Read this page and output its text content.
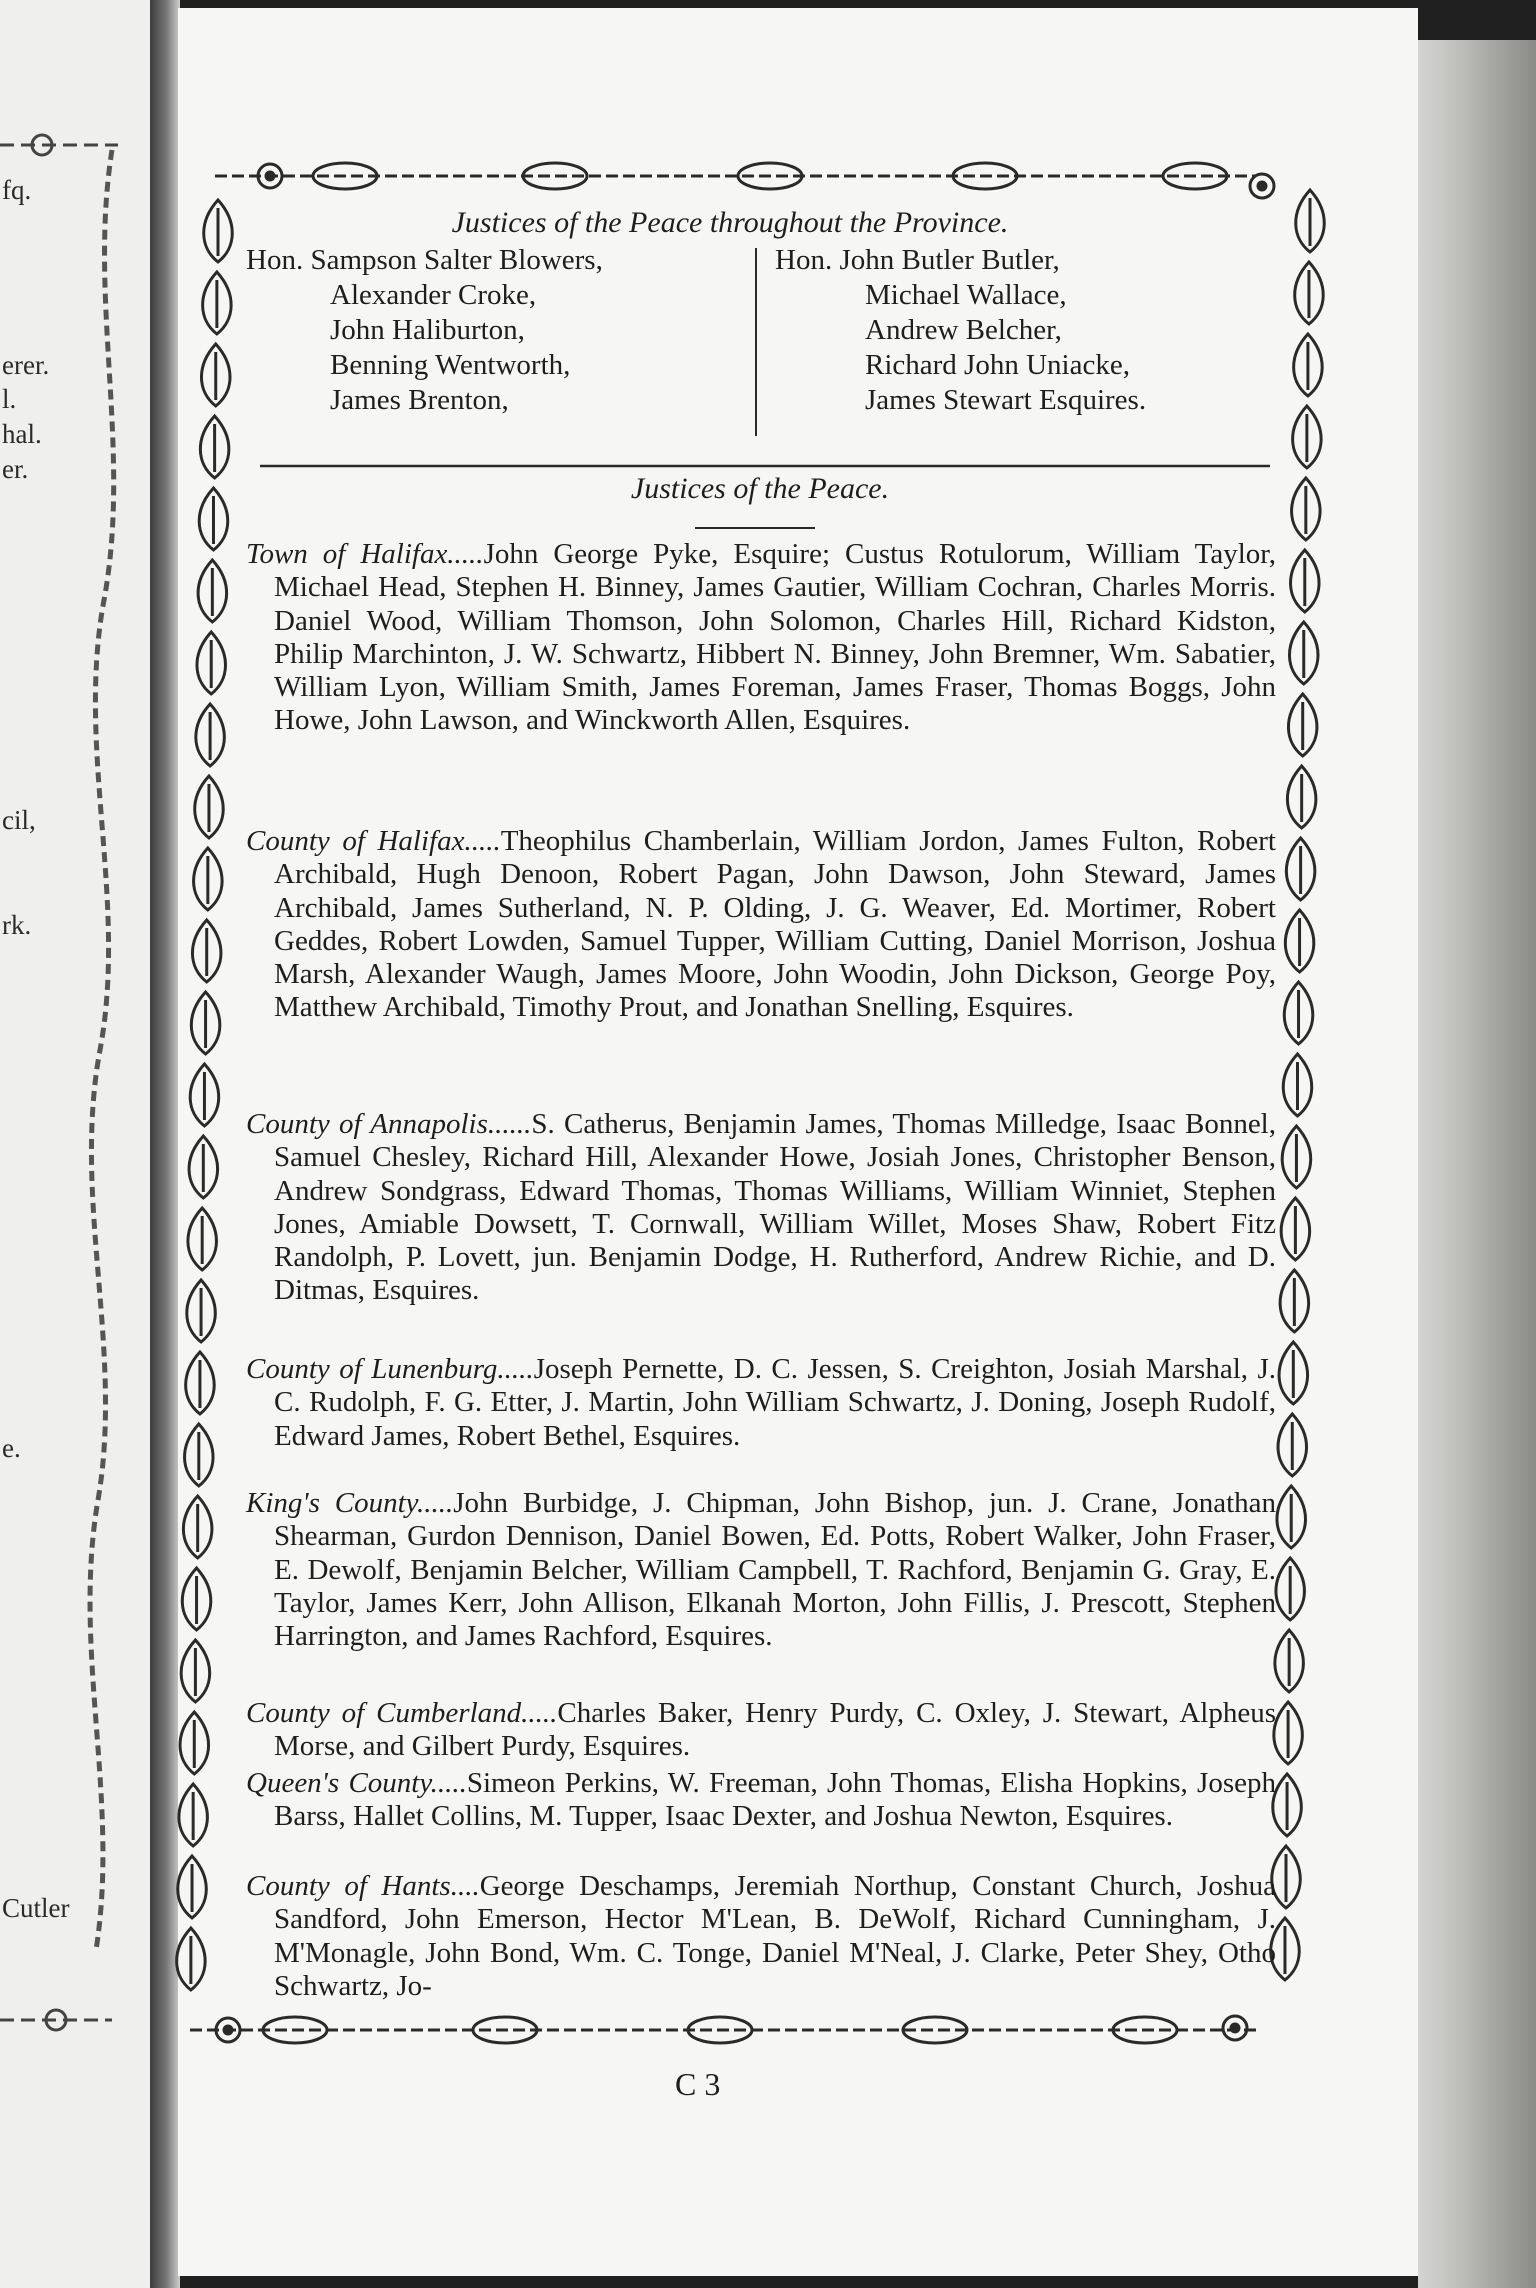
fq.
erer.
l.
hal.
er.
cil,
rk.
e.
Cutler
Justices of the Peace throughout the Province.
Hon. Sampson Salter Blowers,
Alexander Croke,
John Haliburton,
Benning Wentworth,
James Brenton,
Hon. John Butler Butler,
Michael Wallace,
Andrew Belcher,
Richard John Uniacke,
James Stewart Esquires.
Justices of the Peace.
Town of Halifax.....John George Pyke, Esquire; Custus Rotulorum, William Taylor, Michael Head, Stephen H. Binney, James Gautier, William Cochran, Charles Morris. Daniel Wood, William Thomson, John Solomon, Charles Hill, Richard Kidston, Philip Marchinton, J. W. Schwartz, Hibbert N. Binney, John Bremner, Wm. Sabatier, William Lyon, William Smith, James Foreman, James Fraser, Thomas Boggs, John Howe, John Lawson, and Winckworth Allen, Esquires.
County of Halifax.....Theophilus Chamberlain, William Jordon, James Fulton, Robert Archibald, Hugh Denoon, Robert Pagan, John Dawson, John Steward, James Archibald, James Sutherland, N. P. Olding, J. G. Weaver, Ed. Mortimer, Robert Geddes, Robert Lowden, Samuel Tupper, William Cutting, Daniel Morrison, Joshua Marsh, Alexander Waugh, James Moore, John Woodin, John Dickson, George Poy, Matthew Archibald, Timothy Prout, and Jonathan Snelling, Esquires.
County of Annapolis......S. Catherus, Benjamin James, Thomas Milledge, Isaac Bonnel, Samuel Chesley, Richard Hill, Alexander Howe, Josiah Jones, Christopher Benson, Andrew Sondgrass, Edward Thomas, Thomas Williams, William Winniet, Stephen Jones, Amiable Dowsett, T. Cornwall, William Willet, Moses Shaw, Robert Fitz Randolph, P. Lovett, jun. Benjamin Dodge, H. Rutherford, Andrew Richie, and D. Ditmas, Esquires.
County of Lunenburg.....Joseph Pernette, D. C. Jessen, S. Creighton, Josiah Marshal, J. C. Rudolph, F. G. Etter, J. Martin, John William Schwartz, J. Doning, Joseph Rudolf, Edward James, Robert Bethel, Esquires.
King's County.....John Burbidge, J. Chipman, John Bishop, jun. J. Crane, Jonathan Shearman, Gurdon Dennison, Daniel Bowen, Ed. Potts, Robert Walker, John Fraser, E. Dewolf, Benjamin Belcher, William Campbell, T. Rachford, Benjamin G. Gray, E. Taylor, James Kerr, John Allison, Elkanah Morton, John Fillis, J. Prescott, Stephen Harrington, and James Rachford, Esquires.
County of Cumberland.....Charles Baker, Henry Purdy, C. Oxley, J. Stewart, Alpheus Morse, and Gilbert Purdy, Esquires.
Queen's County.....Simeon Perkins, W. Freeman, John Thomas, Elisha Hopkins, Joseph Barss, Hallet Collins, M. Tupper, Isaac Dexter, and Joshua Newton, Esquires.
County of Hants....George Deschamps, Jeremiah Northup, Constant Church, Joshua Sandford, John Emerson, Hector M'Lean, B. DeWolf, Richard Cunningham, J. M'Monagle, John Bond, Wm. C. Tonge, Daniel M'Neal, J. Clarke, Peter Shey, Otho Schwartz, Jo-
C 3
